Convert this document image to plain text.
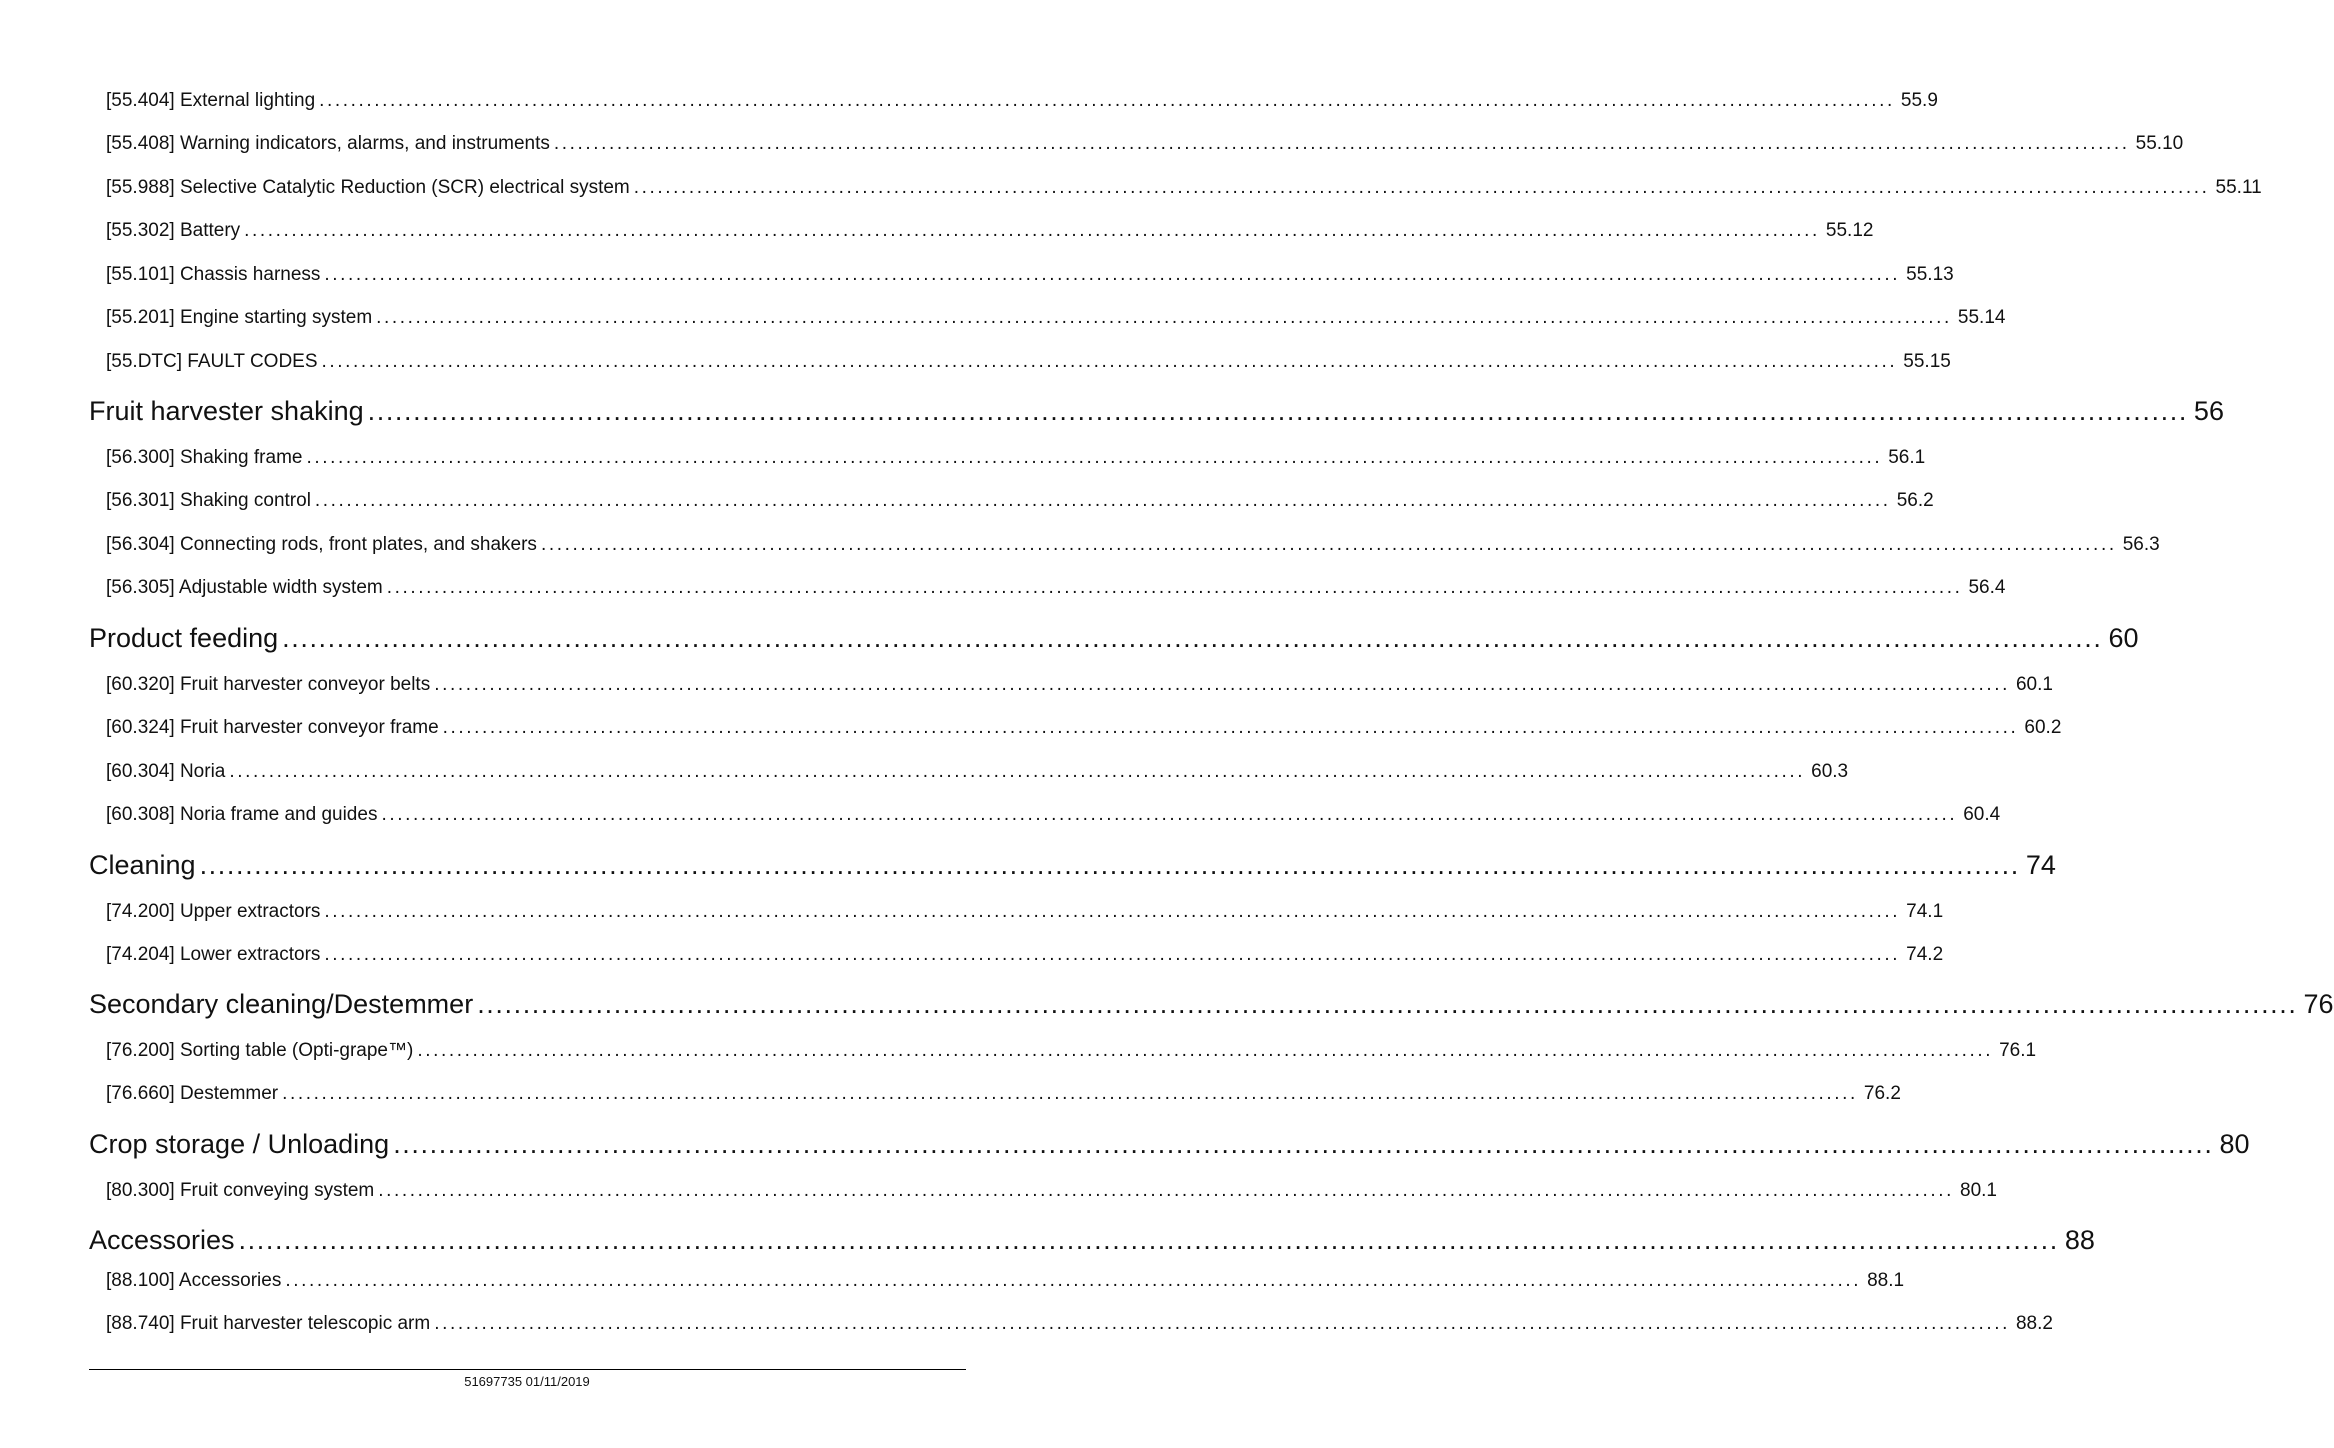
[55.404] External lighting ........................................................................................................................................................................................................ 55.9
[55.408] Warning indicators, alarms, and instruments ........................................................................................................................................................................................................ 55.10
[55.988] Selective Catalytic Reduction (SCR) electrical system ........................................................................................................................................................................................................ 55.11
[55.302] Battery ........................................................................................................................................................................................................ 55.12
[55.101] Chassis harness ........................................................................................................................................................................................................ 55.13
[55.201] Engine starting system ........................................................................................................................................................................................................ 55.14
[55.DTC] FAULT CODES ........................................................................................................................................................................................................ 55.15
Fruit harvester shaking ........................................................................................................................................................................................................ 56
[56.300] Shaking frame ........................................................................................................................................................................................................ 56.1
[56.301] Shaking control ........................................................................................................................................................................................................ 56.2
[56.304] Connecting rods, front plates, and shakers ........................................................................................................................................................................................................ 56.3
[56.305] Adjustable width system ........................................................................................................................................................................................................ 56.4
Product feeding ........................................................................................................................................................................................................ 60
[60.320] Fruit harvester conveyor belts ........................................................................................................................................................................................................ 60.1
[60.324] Fruit harvester conveyor frame ........................................................................................................................................................................................................ 60.2
[60.304] Noria ........................................................................................................................................................................................................ 60.3
[60.308] Noria frame and guides ........................................................................................................................................................................................................ 60.4
Cleaning ........................................................................................................................................................................................................ 74
[74.200] Upper extractors ........................................................................................................................................................................................................ 74.1
[74.204] Lower extractors ........................................................................................................................................................................................................ 74.2
Secondary cleaning/Destemmer ........................................................................................................................................................................................................ 76
[76.200] Sorting table (Opti-grape™) ........................................................................................................................................................................................................ 76.1
[76.660] Destemmer ........................................................................................................................................................................................................ 76.2
Crop storage / Unloading ........................................................................................................................................................................................................ 80
[80.300] Fruit conveying system ........................................................................................................................................................................................................ 80.1
Accessories ........................................................................................................................................................................................................ 88
[88.100] Accessories ........................................................................................................................................................................................................ 88.1
[88.740] Fruit harvester telescopic arm ........................................................................................................................................................................................................ 88.2
51697735 01/11/2019
